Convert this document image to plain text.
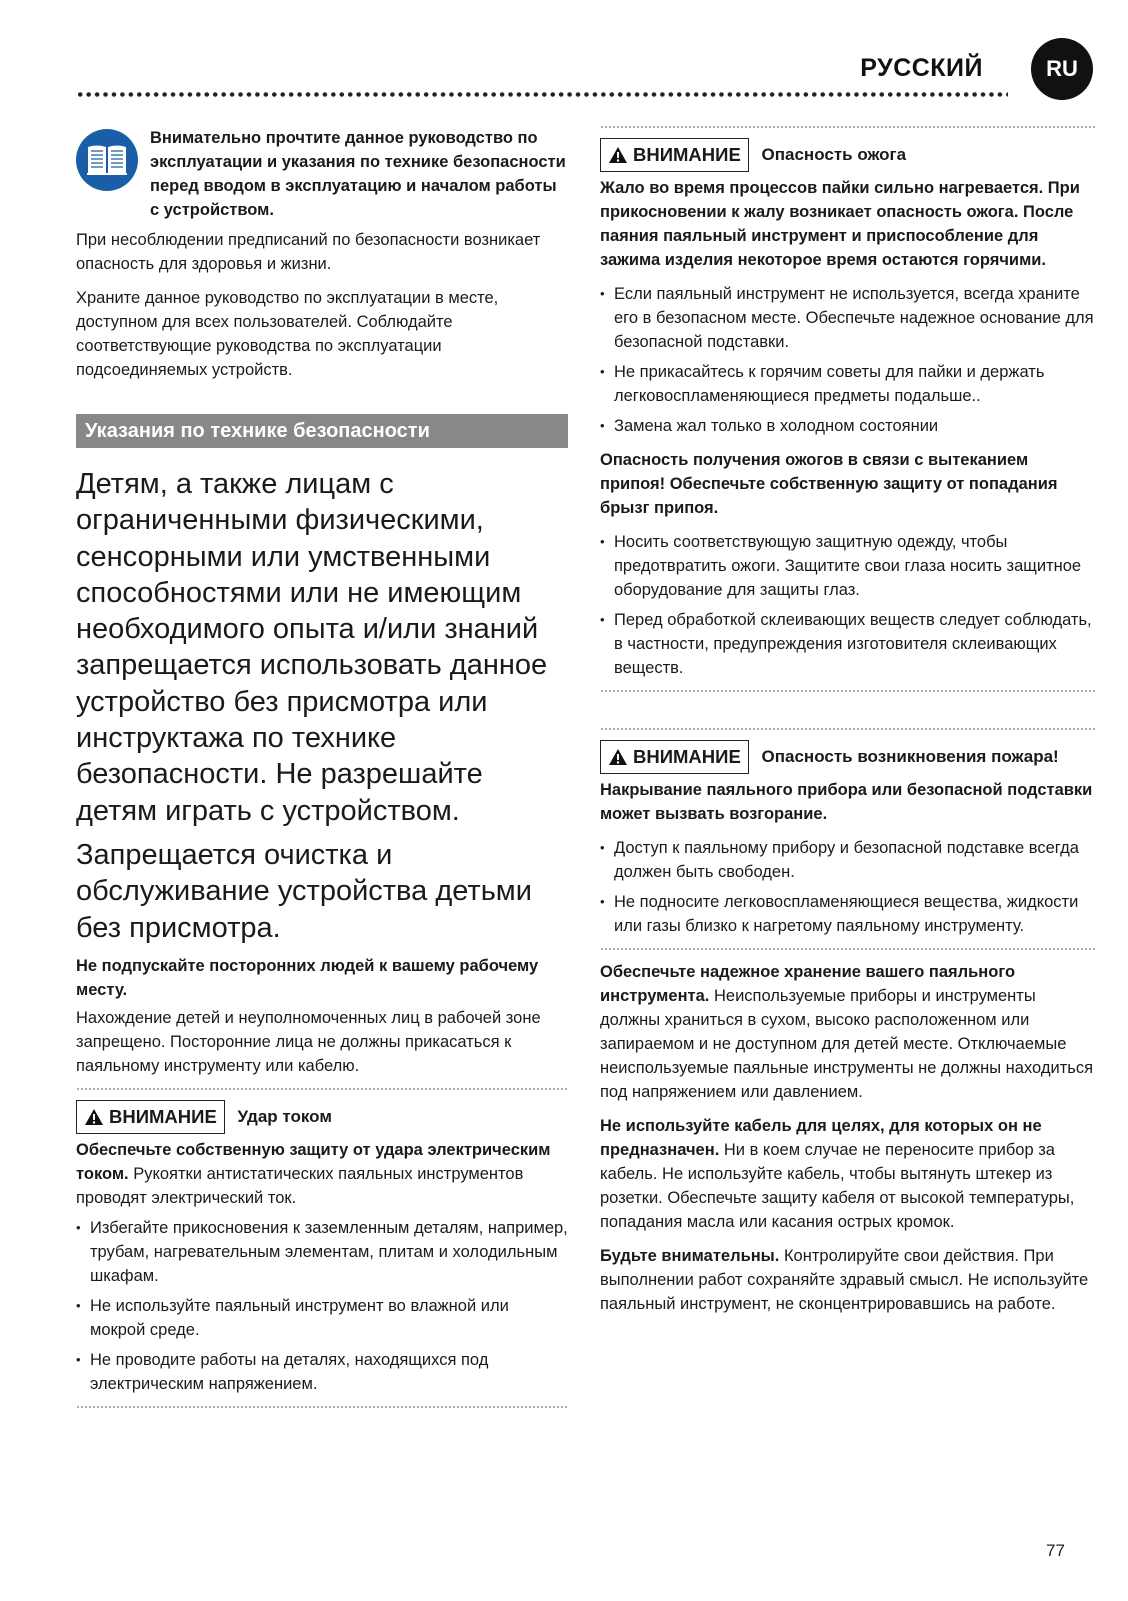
РУССКИЙ	RU

Внимательно прочтите данное руководство по эксплуатации и указания по технике безопасности перед вводом в эксплуатацию и началом работы с устройством.

При несоблюдении предписаний по безопасности возникает опасность для здоровья и жизни.

Храните данное руководство по эксплуатации в месте, доступном для всех пользователей. Соблюдайте соответствующие руководства по эксплуатации подсоединяемых устройств.

Указания по технике безопасности

Детям, а также лицам с ограниченными физическими, сенсорными или умственными способностями или не имеющим необходимого опыта и/или знаний запрещается использовать данное устройство без присмотра или инструктажа по технике безопасности. Не разрешайте детям играть с устройством.

Запрещается очистка и обслуживание устройства детьми без присмотра.

Не подпускайте посторонних людей к вашему рабочему месту.

Нахождение детей и неуполномоченных лиц в рабочей зоне запрещено. Посторонние лица не должны прикасаться к паяльному инструменту или кабелю.

ВНИМАНИЕ Удар током

Обеспечьте собственную защиту от удара электрическим током. Рукоятки антистатических паяльных инструментов проводят электрический ток.

• Избегайте прикосновения к заземленным деталям, например, трубам, нагревательным элементам, плитам и холодильным шкафам.
• Не используйте паяльный инструмент во влажной или мокрой среде.
• Не проводите работы на деталях, находящихся под электрическим напряжением.
ВНИМАНИЕ Опасность ожога

Жало во время процессов пайки сильно нагревается. При прикосновении к жалу возникает опасность ожога. После паяния паяльный инструмент и приспособление для зажима изделия некоторое время остаются горячими.

• Если паяльный инструмент не используется, всегда храните его в безопасном месте. Обеспечьте надежное основание для безопасной подставки.
• Не прикасайтесь к горячим советы для пайки и держать легковоспламеняющиеся предметы подальше..
• Замена жал только в холодном состоянии

Опасность получения ожогов в связи с вытеканием припоя! Обеспечьте собственную защиту от попадания брызг припоя.

• Носить соответствующую защитную одежду, чтобы предотвратить ожоги. Защитите свои глаза носить защитное оборудование для защиты глаз.
• Перед обработкой склеивающих веществ следует соблюдать, в частности, предупреждения изготовителя склеивающих веществ.
ВНИМАНИЕ Опасность возникновения пожара!

Накрывание паяльного прибора или безопасной подставки может вызвать возгорание.

• Доступ к паяльному прибору и безопасной подставке всегда должен быть свободен.
• Не подносите легковоспламеняющиеся вещества, жидкости или газы близко к нагретому паяльному инструменту.

Обеспечьте надежное хранение вашего паяльного инструмента. Неиспользуемые приборы и инструменты должны храниться в сухом, высоко расположенном или запираемом и не доступном для детей месте. Отключаемые неиспользуемые паяльные инструменты не должны находиться под напряжением или давлением.

Не используйте кабель для целях, для которых он не предназначен. Ни в коем случае не переносите прибор за кабель. Не используйте кабель, чтобы вытянуть штекер из розетки. Обеспечьте защиту кабеля от высокой температуры, попадания масла или касания острых кромок.

Будьте внимательны. Контролируйте свои действия. При выполнении работ сохраняйте здравый смысл. Не используйте паяльный инструмент, не сконцентрировавшись на работе.

77
